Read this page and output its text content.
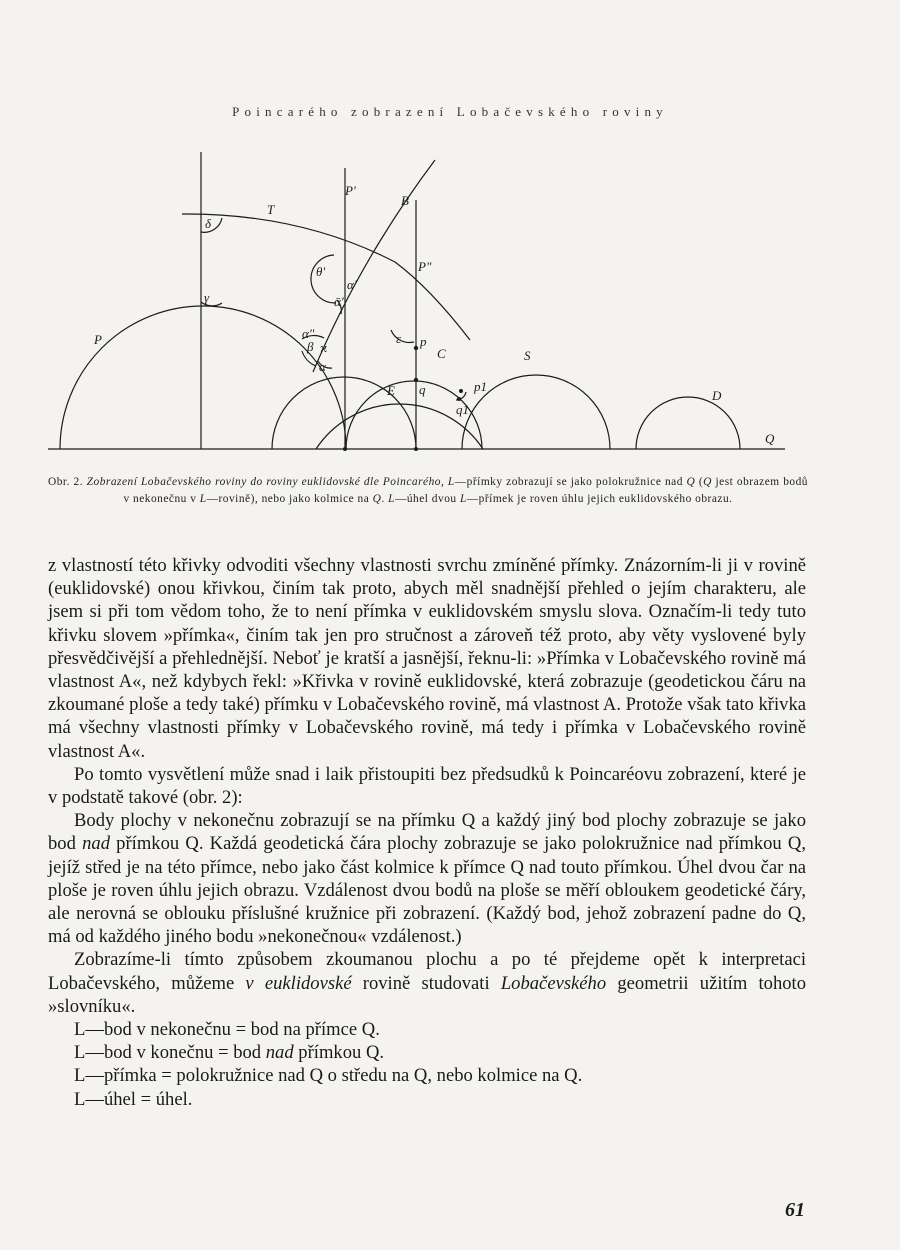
Poincarého zobrazení Lobačevského roviny
T
P'
B
δ
P"
θ'
α'
γ	ᾱ'
P	α"	ε p
C	S
β ϰ
α
E q	p1
q1
D
Q
Obr. 2. Zobrazení Lobačevského roviny do roviny euklidovské dle Poincarého, L—přímky zobrazují se jako polokružnice nad Q (Q jest obrazem bodů v nekonečnu v L—rovině), nebo jako kolmice na Q. L—úhel dvou L—přímek je roven úhlu jejich euklidovského obrazu.

z vlastností této křivky odvoditi všechny vlastnosti svrchu zmíněné přímky. Znázorním-li ji v rovině (euklidovské) onou křivkou, činím tak proto, abych měl snadnější přehled o jejím charakteru, ale jsem si při tom vědom toho, že to není přímka v euklidovském smyslu slova. Označím-li tedy tuto křivku slovem »přímka«, činím tak jen pro stručnost a zároveň též proto, aby věty vyslovené byly přesvědčivější a přehlednější. Neboť je kratší a jasnější, řeknu-li: »Přímka v Lobačevského rovině má vlastnost A«, než kdybych řekl: »Křivka v rovině euklidovské, která zobrazuje (geodetickou čáru na zkoumané ploše a tedy také) přímku v Lobačevského rovině, má vlastnost A. Protože však tato křivka má všechny vlastnosti přímky v Lobačevského rovině, má tedy i přímka v Lobačevského rovině vlastnost A«.

Po tomto vysvětlení může snad i laik přistoupiti bez předsudků k Poincaréovu zobrazení, které je v podstatě takové (obr. 2):

Body plochy v nekonečnu zobrazují se na přímku Q a každý jiný bod plochy zobrazuje se jako bod nad přímkou Q. Každá geodetická čára plochy zobrazuje se jako polokružnice nad přímkou Q, jejíž střed je na této přímce, nebo jako část kolmice k přímce Q nad touto přímkou. Úhel dvou čar na ploše je roven úhlu jejich obrazu. Vzdálenost dvou bodů na ploše se měří obloukem geodetické čáry, ale nerovná se oblouku příslušné kružnice při zobrazení. (Každý bod, jehož zobrazení padne do Q, má od každého jiného bodu »nekonečnou« vzdálenost.)

Zobrazíme-li tímto způsobem zkoumanou plochu a po té přejdeme opět k interpretaci Lobačevského, můžeme v euklidovské rovině studovati Lobačevského geometrii užitím tohoto »slovníku«.

L—bod v nekonečnu = bod na přímce Q.

L—bod v konečnu = bod nad přímkou Q.

L—přímka = polokružnice nad Q o středu na Q, nebo kolmice na Q.

L—úhel = úhel.

61
